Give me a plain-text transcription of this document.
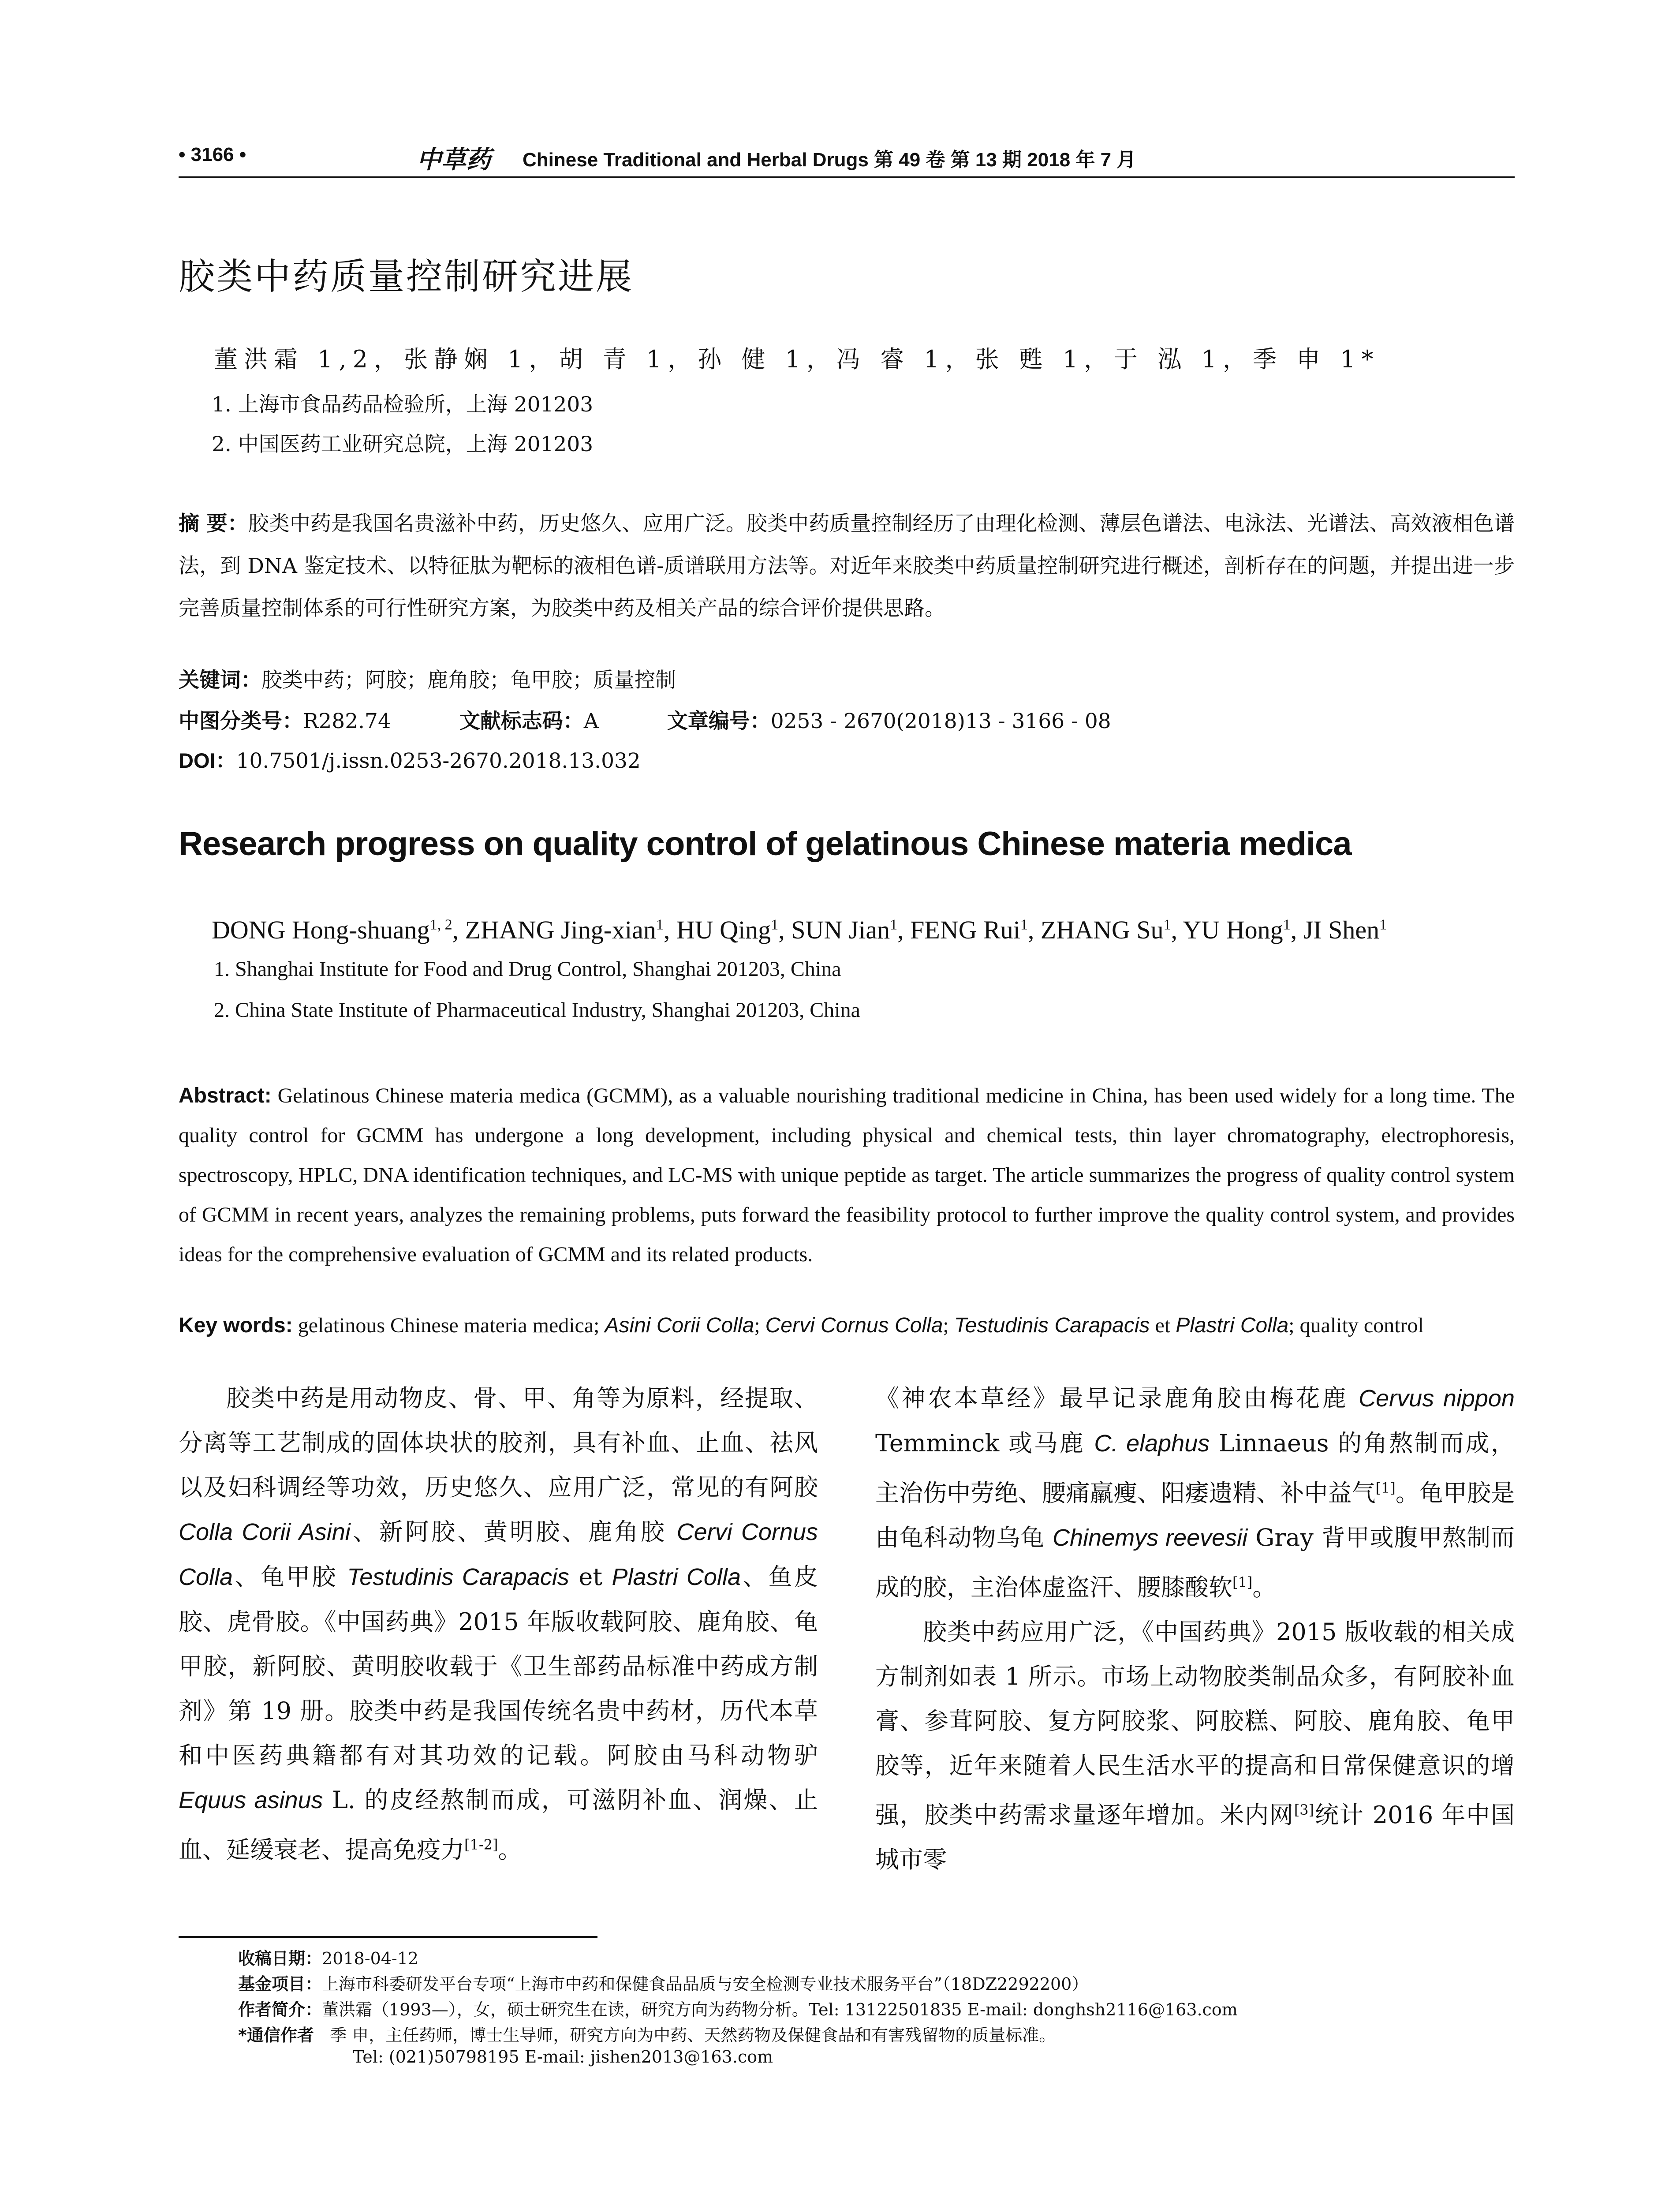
• 3166 •	中草药 Chinese Traditional and Herbal Drugs 第 49 卷 第 13 期 2018 年 7 月
胶类中药质量控制研究进展
董洪霜 1,2，张静娴 1，胡 青 1，孙 健 1，冯 睿 1，张 甦 1，于 泓 1，季 申 1*
1. 上海市食品药品检验所，上海 201203
2. 中国医药工业研究总院，上海 201203
摘 要：胶类中药是我国名贵滋补中药，历史悠久、应用广泛。胶类中药质量控制经历了由理化检测、薄层色谱法、电泳法、光谱法、高效液相色谱法，到 DNA 鉴定技术、以特征肽为靶标的液相色谱-质谱联用方法等。对近年来胶类中药质量控制研究进行概述，剖析存在的问题，并提出进一步完善质量控制体系的可行性研究方案，为胶类中药及相关产品的综合评价提供思路。
关键词：胶类中药；阿胶；鹿角胶；龟甲胶；质量控制
中图分类号：R282.74	文献标志码：A	文章编号：0253 - 2670(2018)13 - 3166 - 08
DOI：10.7501/j.issn.0253-2670.2018.13.032
Research progress on quality control of gelatinous Chinese materia medica
DONG Hong-shuang$^{1, 2}$, ZHANG Jing-xian$^1$, HU Qing$^1$, SUN Jian$^1$, FENG Rui$^1$, ZHANG Su$^1$, YU Hong$^1$, JI Shen$^1$
1. Shanghai Institute for Food and Drug Control, Shanghai 201203, China
2. China State Institute of Pharmaceutical Industry, Shanghai 201203, China
Abstract: Gelatinous Chinese materia medica (GCMM), as a valuable nourishing traditional medicine in China, has been used widely for a long time. The quality control for GCMM has undergone a long development, including physical and chemical tests, thin layer chromatography, electrophoresis, spectroscopy, HPLC, DNA identification techniques, and LC-MS with unique peptide as target. The article summarizes the progress of quality control system of GCMM in recent years, analyzes the remaining problems, puts forward the feasibility protocol to further improve the quality control system, and provides ideas for the comprehensive evaluation of GCMM and its related products.
Key words: gelatinous Chinese materia medica; Asini Corii Colla; Cervi Cornus Colla; Testudinis Carapacis et Plastri Colla; quality control

胶类中药是用动物皮、骨、甲、角等为原料，经提取、分离等工艺制成的固体块状的胶剂，具有补血、止血、祛风以及妇科调经等功效，历史悠久、应用广泛，常见的有阿胶 Colla Corii Asini、新阿胶、黄明胶、鹿角胶 Cervi Cornus Colla、龟甲胶 Testudinis Carapacis et Plastri Colla、鱼皮胶、虎骨胶。《中国药典》2015 年版收载阿胶、鹿角胶、龟甲胶，新阿胶、黄明胶收载于《卫生部药品标准中药成方制剂》第 19 册。胶类中药是我国传统名贵中药材，历代本草和中医药典籍都有对其功效的记载。阿胶由马科动物驴 Equus asinus L. 的皮经熬制而成，可滋阴补血、润燥、止血、延缓衰老、提高免疫力[1-2]。

《神农本草经》最早记录鹿角胶由梅花鹿 Cervus nippon Temminck 或马鹿 C. elaphus Linnaeus 的角熬制而成，主治伤中劳绝、腰痛羸瘦、阳痿遗精、补中益气[1]。龟甲胶是由龟科动物乌龟 Chinemys reevesii Gray 背甲或腹甲熬制而成的胶，主治体虚盗汗、腰膝酸软[1]。

胶类中药应用广泛，《中国药典》2015 版收载的相关成方制剂如表 1 所示。市场上动物胶类制品众多，有阿胶补血膏、参茸阿胶、复方阿胶浆、阿胶糕、阿胶、鹿角胶、龟甲胶等，近年来随着人民生活水平的提高和日常保健意识的增强，胶类中药需求量逐年增加。米内网[3]统计 2016 年中国城市零

收稿日期：2018-04-12
基金项目：上海市科委研发平台专项“上海市中药和保健食品品质与安全检测专业技术服务平台”（18DZ2292200）
作者简介：董洪霜（1993—），女，硕士研究生在读，研究方向为药物分析。Tel: 13122501835 E-mail: donghsh2116@163.com
*通信作者 季 申，主任药师，博士生导师，研究方向为中药、天然药物及保健食品和有害残留物的质量标准。
Tel: (021)50798195 E-mail: jishen2013@163.com
